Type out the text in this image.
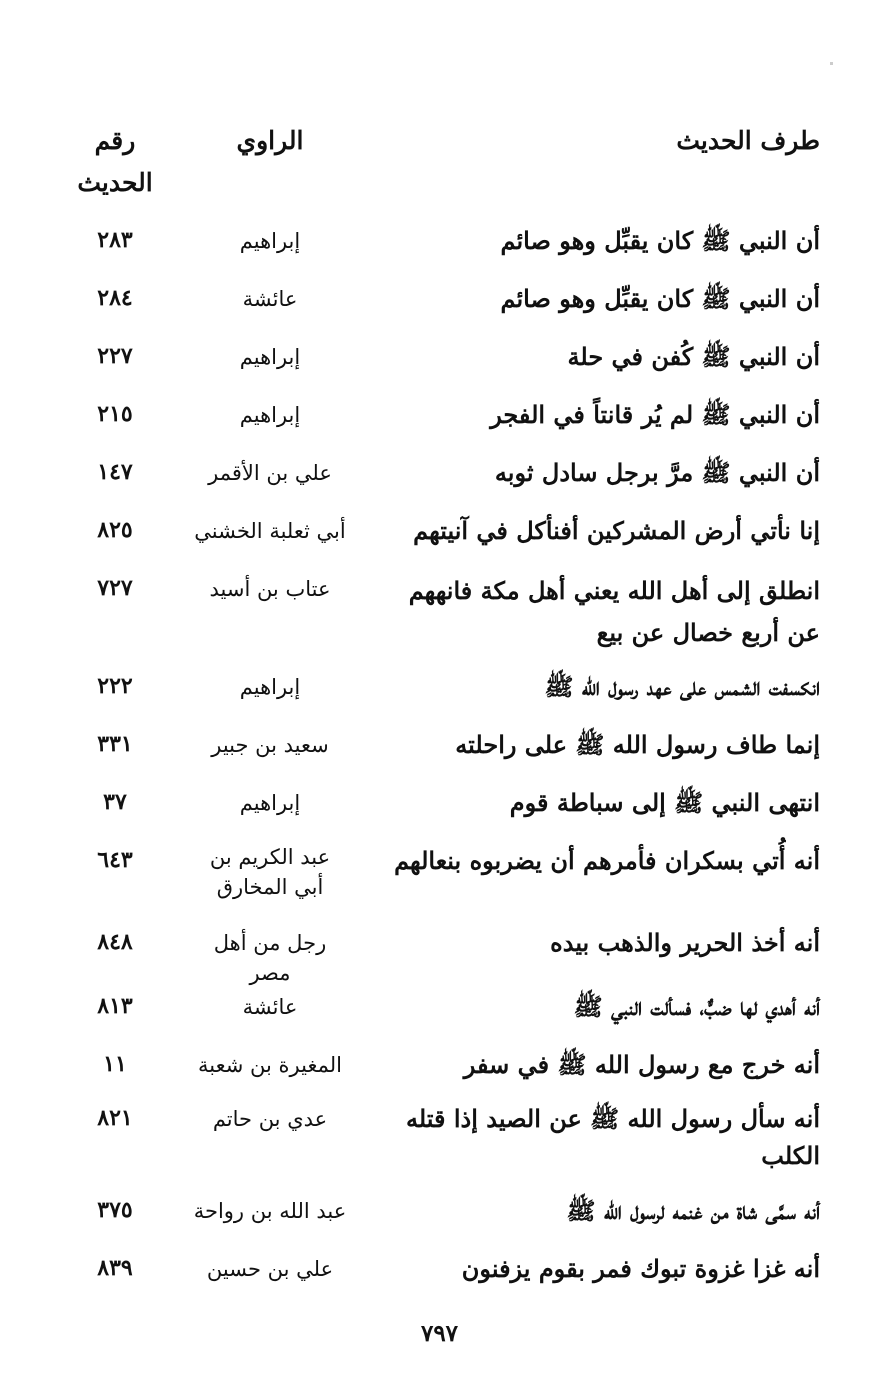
طرف الحديث
الراوي
رقم
الحديث
أن النبي ﷺ كان يقبِّل وهو صائم
إبراهيم
٢٨٣
أن النبي ﷺ كان يقبِّل وهو صائم
عائشة
٢٨٤
أن النبي ﷺ كُفن في حلة
إبراهيم
٢٢٧
أن النبي ﷺ لم يُر قانتاً في الفجر
إبراهيم
٢١٥
أن النبي ﷺ مرَّ برجل سادل ثوبه
علي بن الأقمر
١٤٧
إنا نأتي أرض المشركين أفنأكل في آنيتهم
أبي ثعلبة الخشني
٨٢٥
انطلق إلى أهل الله يعني أهل مكة فانههم عن أربع خصال عن بيع
عتاب بن أسيد
٧٢٧
انكسفت الشمس على عهد رسول الله ﷺ
إبراهيم
٢٢٢
إنما طاف رسول الله ﷺ على راحلته
سعيد بن جبير
٣٣١
انتهى النبي ﷺ إلى سباطة قوم
إبراهيم
٣٧
أنه أُتي بسكران فأمرهم أن يضربوه بنعالهم
عبد الكريم بن أبي المخارق
٦٤٣
أنه أخذ الحرير والذهب بيده
رجل من أهل مصر
٨٤٨
أنه أهدي لها ضبٌّ، فسألت النبي ﷺ
عائشة
٨١٣
أنه خرج مع رسول الله ﷺ في سفر
المغيرة بن شعبة
١١
أنه سأل رسول الله ﷺ عن الصيد إذا قتله الكلب
عدي بن حاتم
٨٢١
أنه سمَّى شاة من غنمه لرسول الله ﷺ
عبد الله بن رواحة
٣٧٥
أنه غزا غزوة تبوك فمر بقوم يزفنون
علي بن حسين
٨٣٩
٧٩٧
